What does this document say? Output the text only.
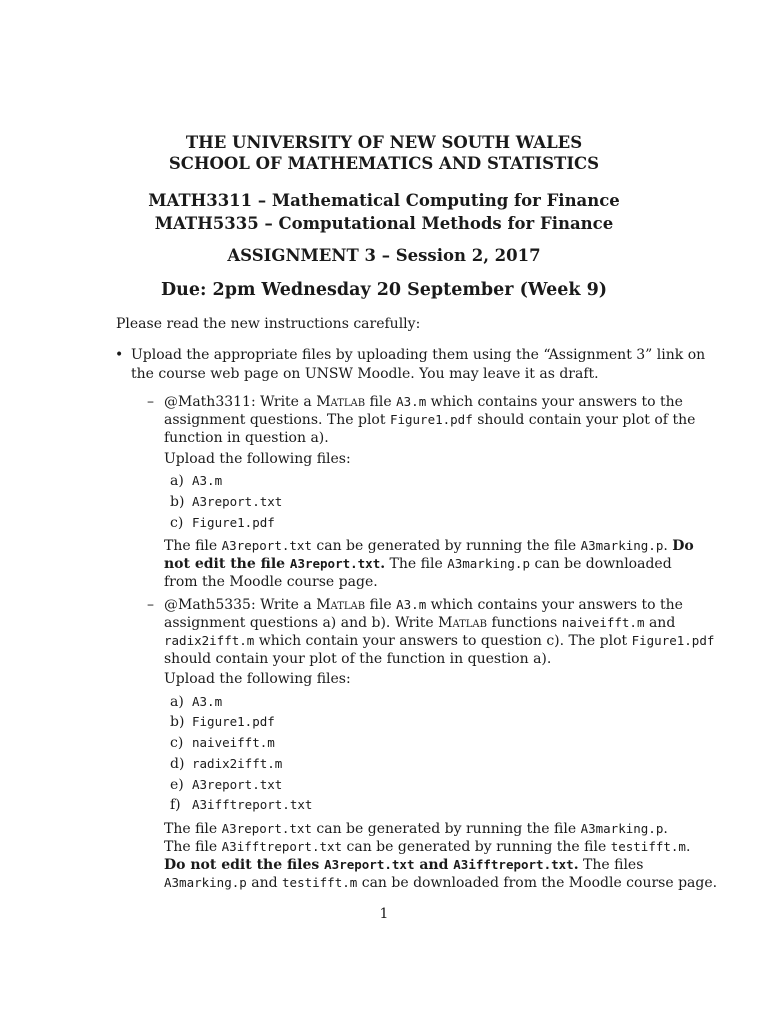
THE UNIVERSITY OF NEW SOUTH WALES
SCHOOL OF MATHEMATICS AND STATISTICS
MATH3311 – Mathematical Computing for Finance
MATH5335 – Computational Methods for Finance
ASSIGNMENT 3 – Session 2, 2017
Due: 2pm Wednesday 20 September (Week 9)
Please read the new instructions carefully:
• Upload the appropriate files by uploading them using the “Assignment 3” link on
the course web page on UNSW Moodle. You may leave it as draft.
– @Math3311: Write a Matlab file A3.m which contains your answers to the
assignment questions. The plot Figure1.pdf should contain your plot of the
function in question a).
Upload the following files:
a) A3.m
b) A3report.txt
c) Figure1.pdf
The file A3report.txt can be generated by running the file A3marking.p. Do
not edit the file A3report.txt. The file A3marking.p can be downloaded
from the Moodle course page.
– @Math5335: Write a Matlab file A3.m which contains your answers to the
assignment questions a) and b). Write Matlab functions naiveifft.m and
radix2ifft.m which contain your answers to question c). The plot Figure1.pdf
should contain your plot of the function in question a).
Upload the following files:
a) A3.m
b) Figure1.pdf
c) naiveifft.m
d) radix2ifft.m
e) A3report.txt
f) A3ifftreport.txt
The file A3report.txt can be generated by running the file A3marking.p.
The file A3ifftreport.txt can be generated by running the file testifft.m.
Do not edit the files A3report.txt and A3ifftreport.txt. The files
A3marking.p and testifft.m can be downloaded from the Moodle course page.
1
